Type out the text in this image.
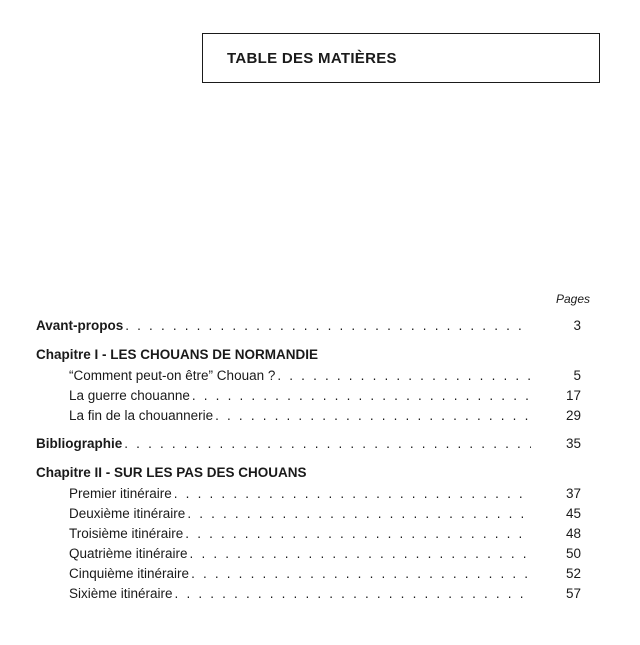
TABLE DES MATIÈRES
Pages
Avant-propos . . .	3
Chapitre I - LES CHOUANS DE NORMANDIE
“Comment peut-on être” Chouan ? . . .	5
La guerre chouanne . . .	17
La fin de la chouannerie . . .	29
Bibliographie . . .	35
Chapitre II - SUR LES PAS DES CHOUANS
Premier itinéraire . . .	37
Deuxième itinéraire . . .	45
Troisième itinéraire . . .	48
Quatrième itinéraire . . .	50
Cinquième itinéraire . . .	52
Sixième itinéraire . . .	57
